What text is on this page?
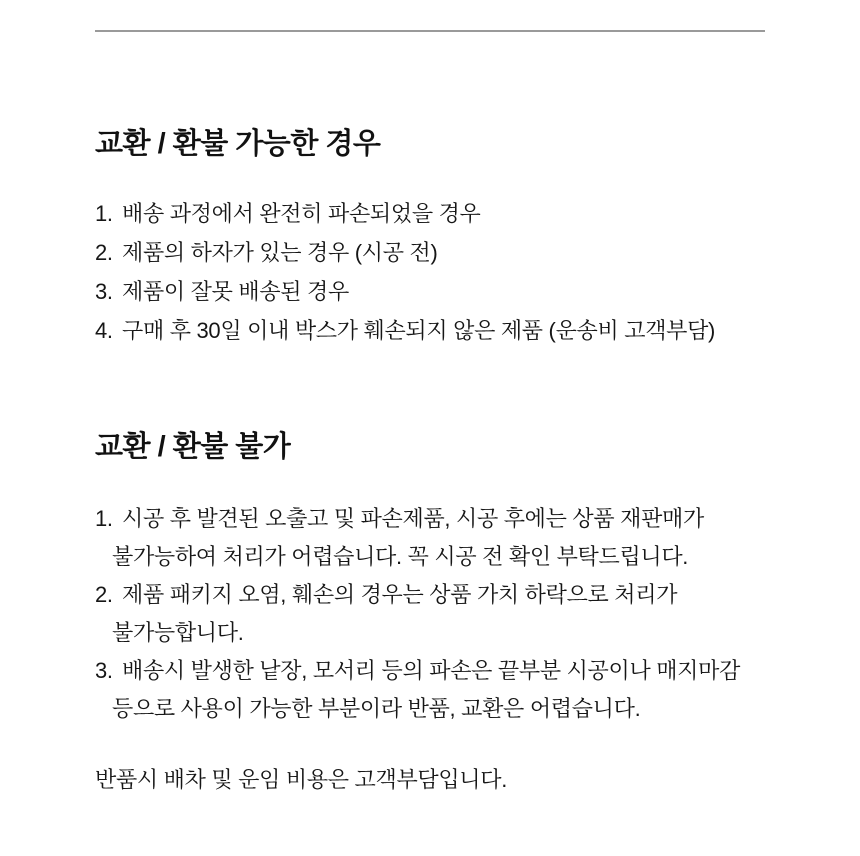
교환 / 환불 가능한 경우
1. 배송 과정에서 완전히 파손되었을 경우
2. 제품의 하자가 있는 경우 (시공 전)
3. 제품이 잘못 배송된 경우
4. 구매 후 30일 이내 박스가 훼손되지 않은 제품 (운송비 고객부담)
교환 / 환불 불가
1. 시공 후 발견된 오출고 및 파손제품, 시공 후에는 상품 재판매가
불가능하여 처리가 어렵습니다. 꼭 시공 전 확인 부탁드립니다.
2. 제품 패키지 오염, 훼손의 경우는 상품 가치 하락으로 처리가
불가능합니다.
3. 배송시 발생한 낱장, 모서리 등의 파손은 끝부분 시공이나 매지마감
등으로 사용이 가능한 부분이라 반품, 교환은 어렵습니다.
반품시 배차 및 운임 비용은 고객부담입니다.
